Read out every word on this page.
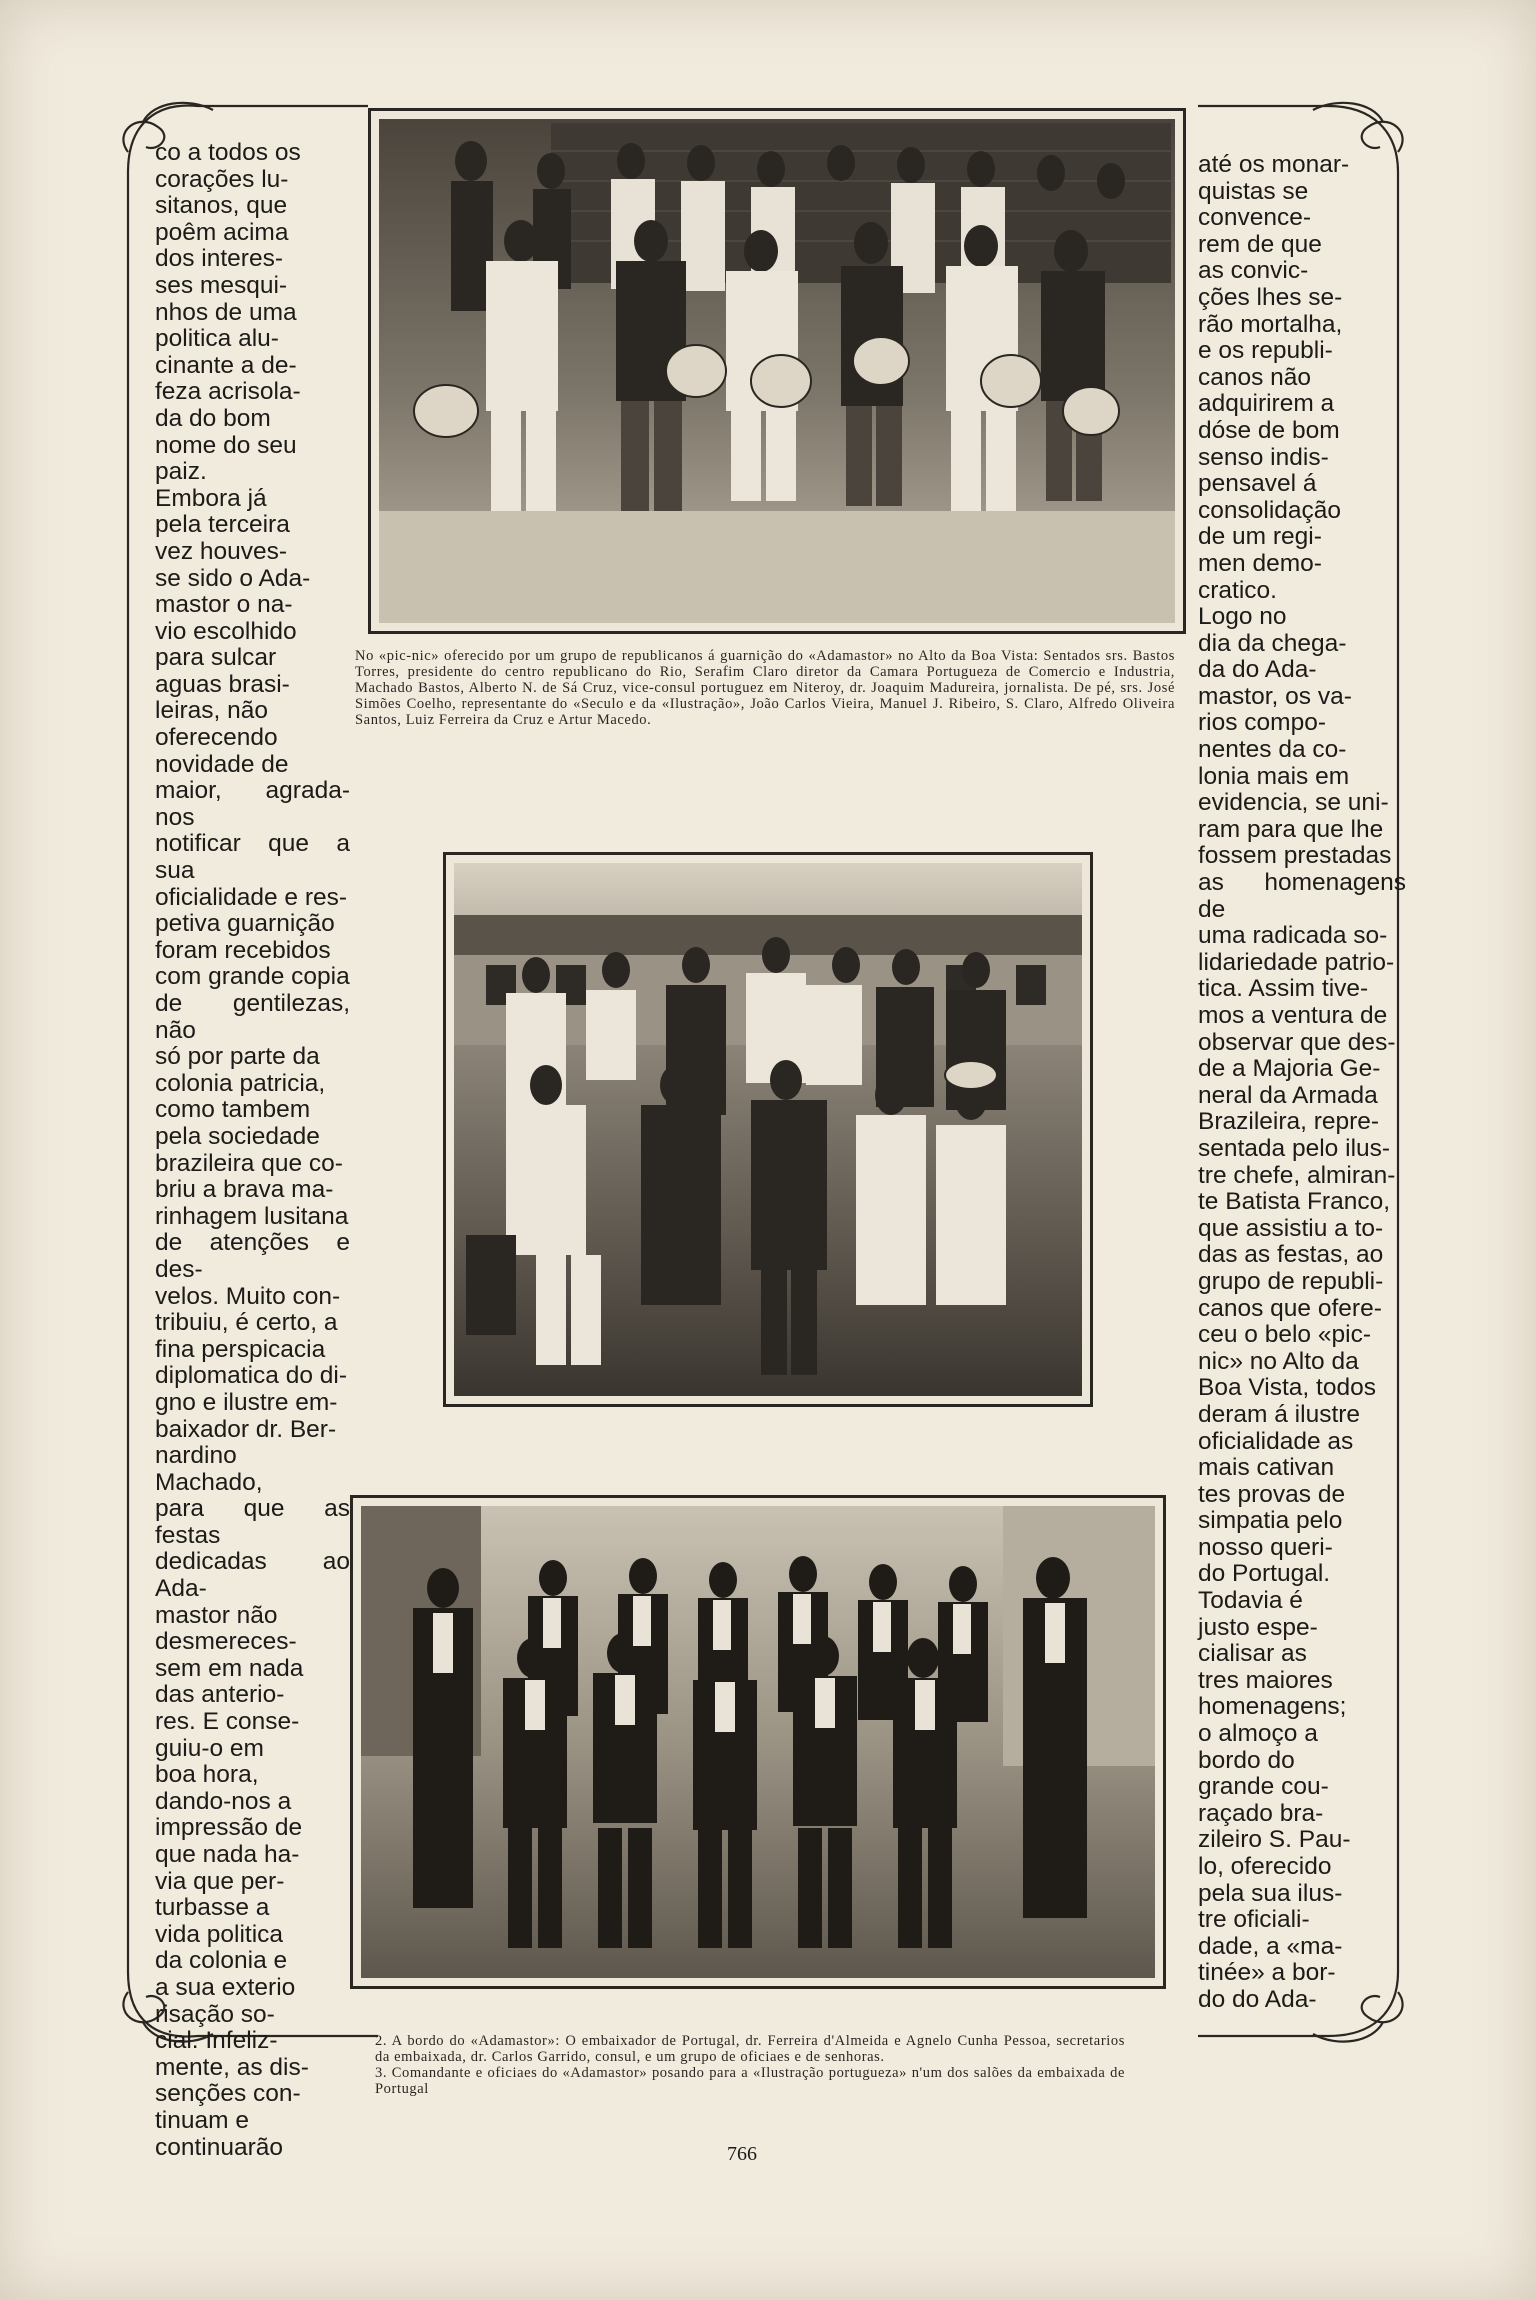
co a todos os
corações lu-
sitanos, que
poêm acima
dos interes-
ses mesqui-
nhos de uma
politica alu-
cinante a de-
feza acrisola-
da do bom
nome do seu
paiz.
Embora já
pela terceira
vez houves-
se sido o Ada-
mastor o na-
vio escolhido
para sulcar
aguas brasi-
leiras, não
oferecendo
novidade de
maior, agrada-nos
notificar que a sua
oficialidade e res-
petiva guarnição
foram recebidos
com grande copia
de gentilezas, não
só por parte da
colonia patricia,
como tambem
pela sociedade
brazileira que co-
briu a brava ma-
rinhagem lusitana
de atenções e des-
velos. Muito con-
tribuiu, é certo, a
fina perspicacia
diplomatica do di-
gno e ilustre em-
baixador dr. Ber-
nardino Machado,
para que as festas
dedicadas ao Ada-
mastor não
desmereces-
sem em nada
das anterio-
res. E conse-
guiu-o em
boa hora,
dando-nos a
impressão de
que nada ha-
via que per-
turbasse a
vida politica
da colonia e
a sua exterio
risação so-
cial. Infeliz-
mente, as dis-
senções con-
tinuam e
continuarão
até os monar-
quistas se
convence-
rem de que
as convic-
ções lhes se-
rão mortalha,
e os republi-
canos não
adquirirem a
dóse de bom
senso indis-
pensavel á
consolidação
de um regi-
men demo-
cratico.
Logo no
dia da chega-
da do Ada-
mastor, os va-
rios compo-
nentes da co-
lonia mais em
evidencia, se uni-
ram para que lhe
fossem prestadas
as homenagens de
uma radicada so-
lidariedade patrio-
tica. Assim tive-
mos a ventura de
observar que des-
de a Majoria Ge-
neral da Armada
Brazileira, repre-
sentada pelo ilus-
tre chefe, almiran-
te Batista Franco,
que assistiu a to-
das as festas, ao
grupo de republi-
canos que ofere-
ceu o belo «pic-
nic» no Alto da
Boa Vista, todos
deram á ilustre
oficialidade as
mais cativan
tes provas de
simpatia pelo
nosso queri-
do Portugal.
Todavia é
justo espe-
cialisar as
tres maiores
homenagens;
o almoço a
bordo do
grande cou-
raçado bra-
zileiro S. Pau-
lo, oferecido
pela sua ilus-
tre oficiali-
dade, a «ma-
tinée» a bor-
do do Ada-
No «pic-nic» oferecido por um grupo de republicanos á guarnição do «Adamastor» no Alto da Boa Vista: Sentados srs. Bastos Torres, presidente do centro republicano do Rio, Serafim Claro diretor da Camara Portugueza de Comercio e Industria, Machado Bastos, Alberto N. de Sá Cruz, vice-consul portuguez em Niteroy, dr. Joaquim Madureira, jornalista. De pé, srs. José Simões Coelho, representante do «Seculo e da «Ilustração», João Carlos Vieira, Manuel J. Ribeiro, S. Claro, Alfredo Oliveira Santos, Luiz Ferreira da Cruz e Artur Macedo.
2. A bordo do «Adamastor»: O embaixador de Portugal, dr. Ferreira d'Almeida e Agnelo Cunha Pessoa, secretarios da embaixada, dr. Carlos Garrido, consul, e um grupo de oficiaes e de senhoras.
3. Comandante e oficiaes do «Adamastor» posando para a «Ilustração portugueza» n'um dos salões da embaixada de Portugal
766
